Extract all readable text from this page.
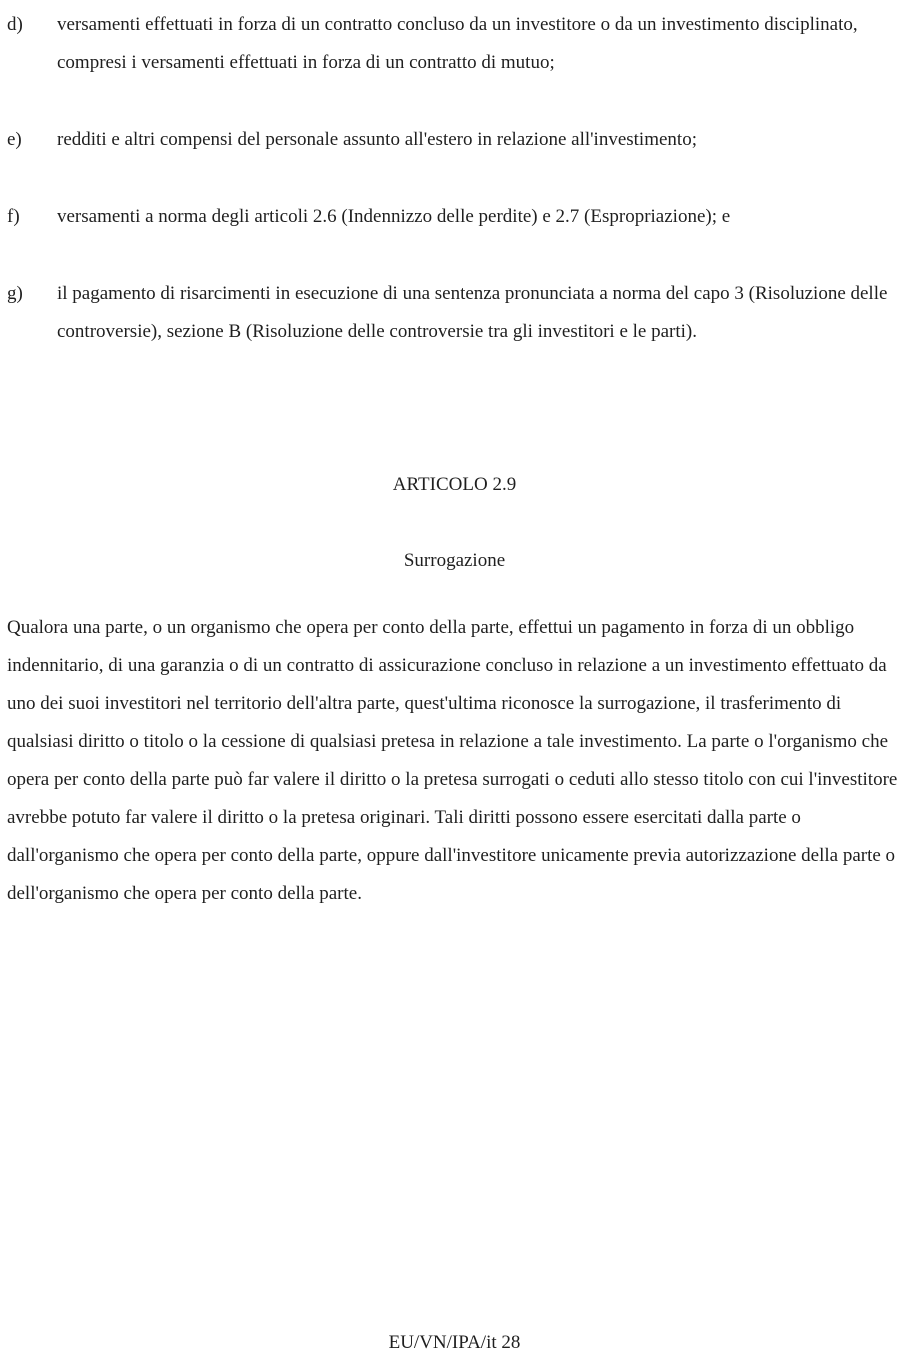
d)	versamenti effettuati in forza di un contratto concluso da un investitore o da un investimento disciplinato, compresi i versamenti effettuati in forza di un contratto di mutuo;
e)	redditi e altri compensi del personale assunto all'estero in relazione all'investimento;
f)	versamenti a norma degli articoli 2.6 (Indennizzo delle perdite) e 2.7 (Espropriazione); e
g)	il pagamento di risarcimenti in esecuzione di una sentenza pronunciata a norma del capo 3 (Risoluzione delle controversie), sezione B (Risoluzione delle controversie tra gli investitori e le parti).
ARTICOLO 2.9
Surrogazione

Qualora una parte, o un organismo che opera per conto della parte, effettui un pagamento in forza di un obbligo indennitario, di una garanzia o di un contratto di assicurazione concluso in relazione a un investimento effettuato da uno dei suoi investitori nel territorio dell'altra parte, quest'ultima riconosce la surrogazione, il trasferimento di qualsiasi diritto o titolo o la cessione di qualsiasi pretesa in relazione a tale investimento. La parte o l'organismo che opera per conto della parte può far valere il diritto o la pretesa surrogati o ceduti allo stesso titolo con cui l'investitore avrebbe potuto far valere il diritto o la pretesa originari. Tali diritti possono essere esercitati dalla parte o dall'organismo che opera per conto della parte, oppure dall'investitore unicamente previa autorizzazione della parte o dell'organismo che opera per conto della parte.

EU/VN/IPA/it 28
